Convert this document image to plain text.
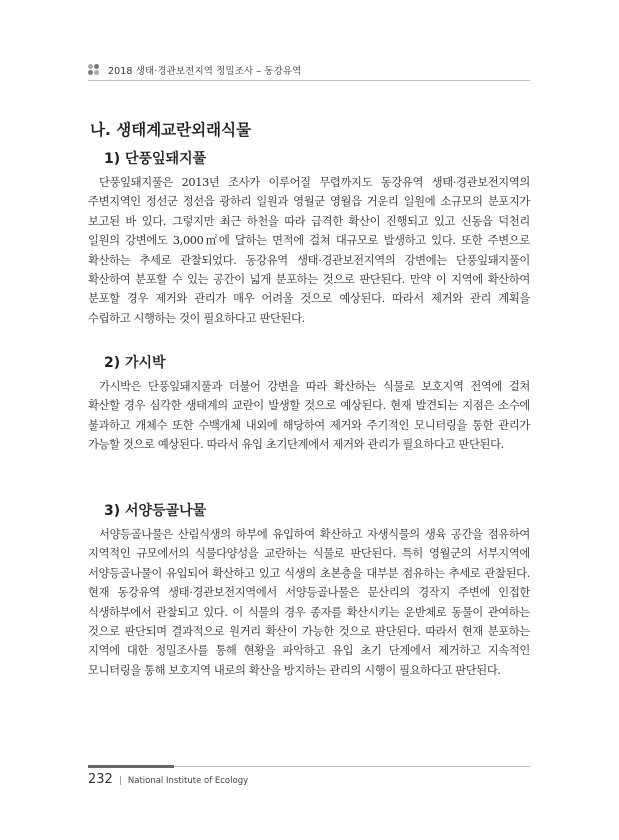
2018 생태·경관보전지역 정밀조사 – 동강유역
나. 생태계교란외래식물
1) 단풍잎돼지풀

단풍잎돼지풀은 2013년 조사가 이루어질 무렵까지도 동강유역 생태·경관보전지역의 주변지역인 정선군 정선읍 광하리 일원과 영월군 영월읍 거운리 일원에 소규모의 분포지가 보고된 바 있다. 그렇지만 최근 하천을 따라 급격한 확산이 진행되고 있고 신동읍 덕천리 일원의 강변에도 3,000㎡에 달하는 면적에 걸쳐 대규모로 발생하고 있다. 또한 주변으로 확산하는 추세로 관찰되었다. 동강유역 생태·경관보전지역의 강변에는 단풍잎돼지풀이 확산하여 분포할 수 있는 공간이 넓게 분포하는 것으로 판단된다. 만약 이 지역에 확산하여 분포할 경우 제거와 관리가 매우 어려울 것으로 예상된다. 따라서 제거와 관리 계획을 수립하고 시행하는 것이 필요하다고 판단된다.

2) 가시박

가시박은 단풍잎돼지풀과 더불어 강변을 따라 확산하는 식물로 보호지역 전역에 걸쳐 확산할 경우 심각한 생태계의 교란이 발생할 것으로 예상된다. 현재 발견되는 지점은 소수에 불과하고 개체수 또한 수백개체 내외에 해당하여 제거와 주기적인 모니터링을 통한 관리가 가능할 것으로 예상된다. 따라서 유입 초기단계에서 제거와 관리가 필요하다고 판단된다.

3) 서양등골나물

서양등골나물은 산림식생의 하부에 유입하여 확산하고 자생식물의 생육 공간을 점유하여 지역적인 규모에서의 식물다양성을 교란하는 식물로 판단된다. 특히 영월군의 서부지역에 서양등골나물이 유입되어 확산하고 있고 식생의 초본층을 대부분 점유하는 추세로 관찰된다. 현재 동강유역 생태·경관보전지역에서 서양등골나물은 문산리의 경작지 주변에 인접한 식생하부에서 관찰되고 있다. 이 식물의 경우 종자를 확산시키는 운반체로 동물이 관여하는 것으로 판단되며 결과적으로 원거리 확산이 가능한 것으로 판단된다. 따라서 현재 분포하는 지역에 대한 정밀조사를 통해 현황을 파악하고 유입 초기 단계에서 제거하고 지속적인 모니터링을 통해 보호지역 내로의 확산을 방지하는 관리의 시행이 필요하다고 판단된다.

232 | National Institute of Ecology
